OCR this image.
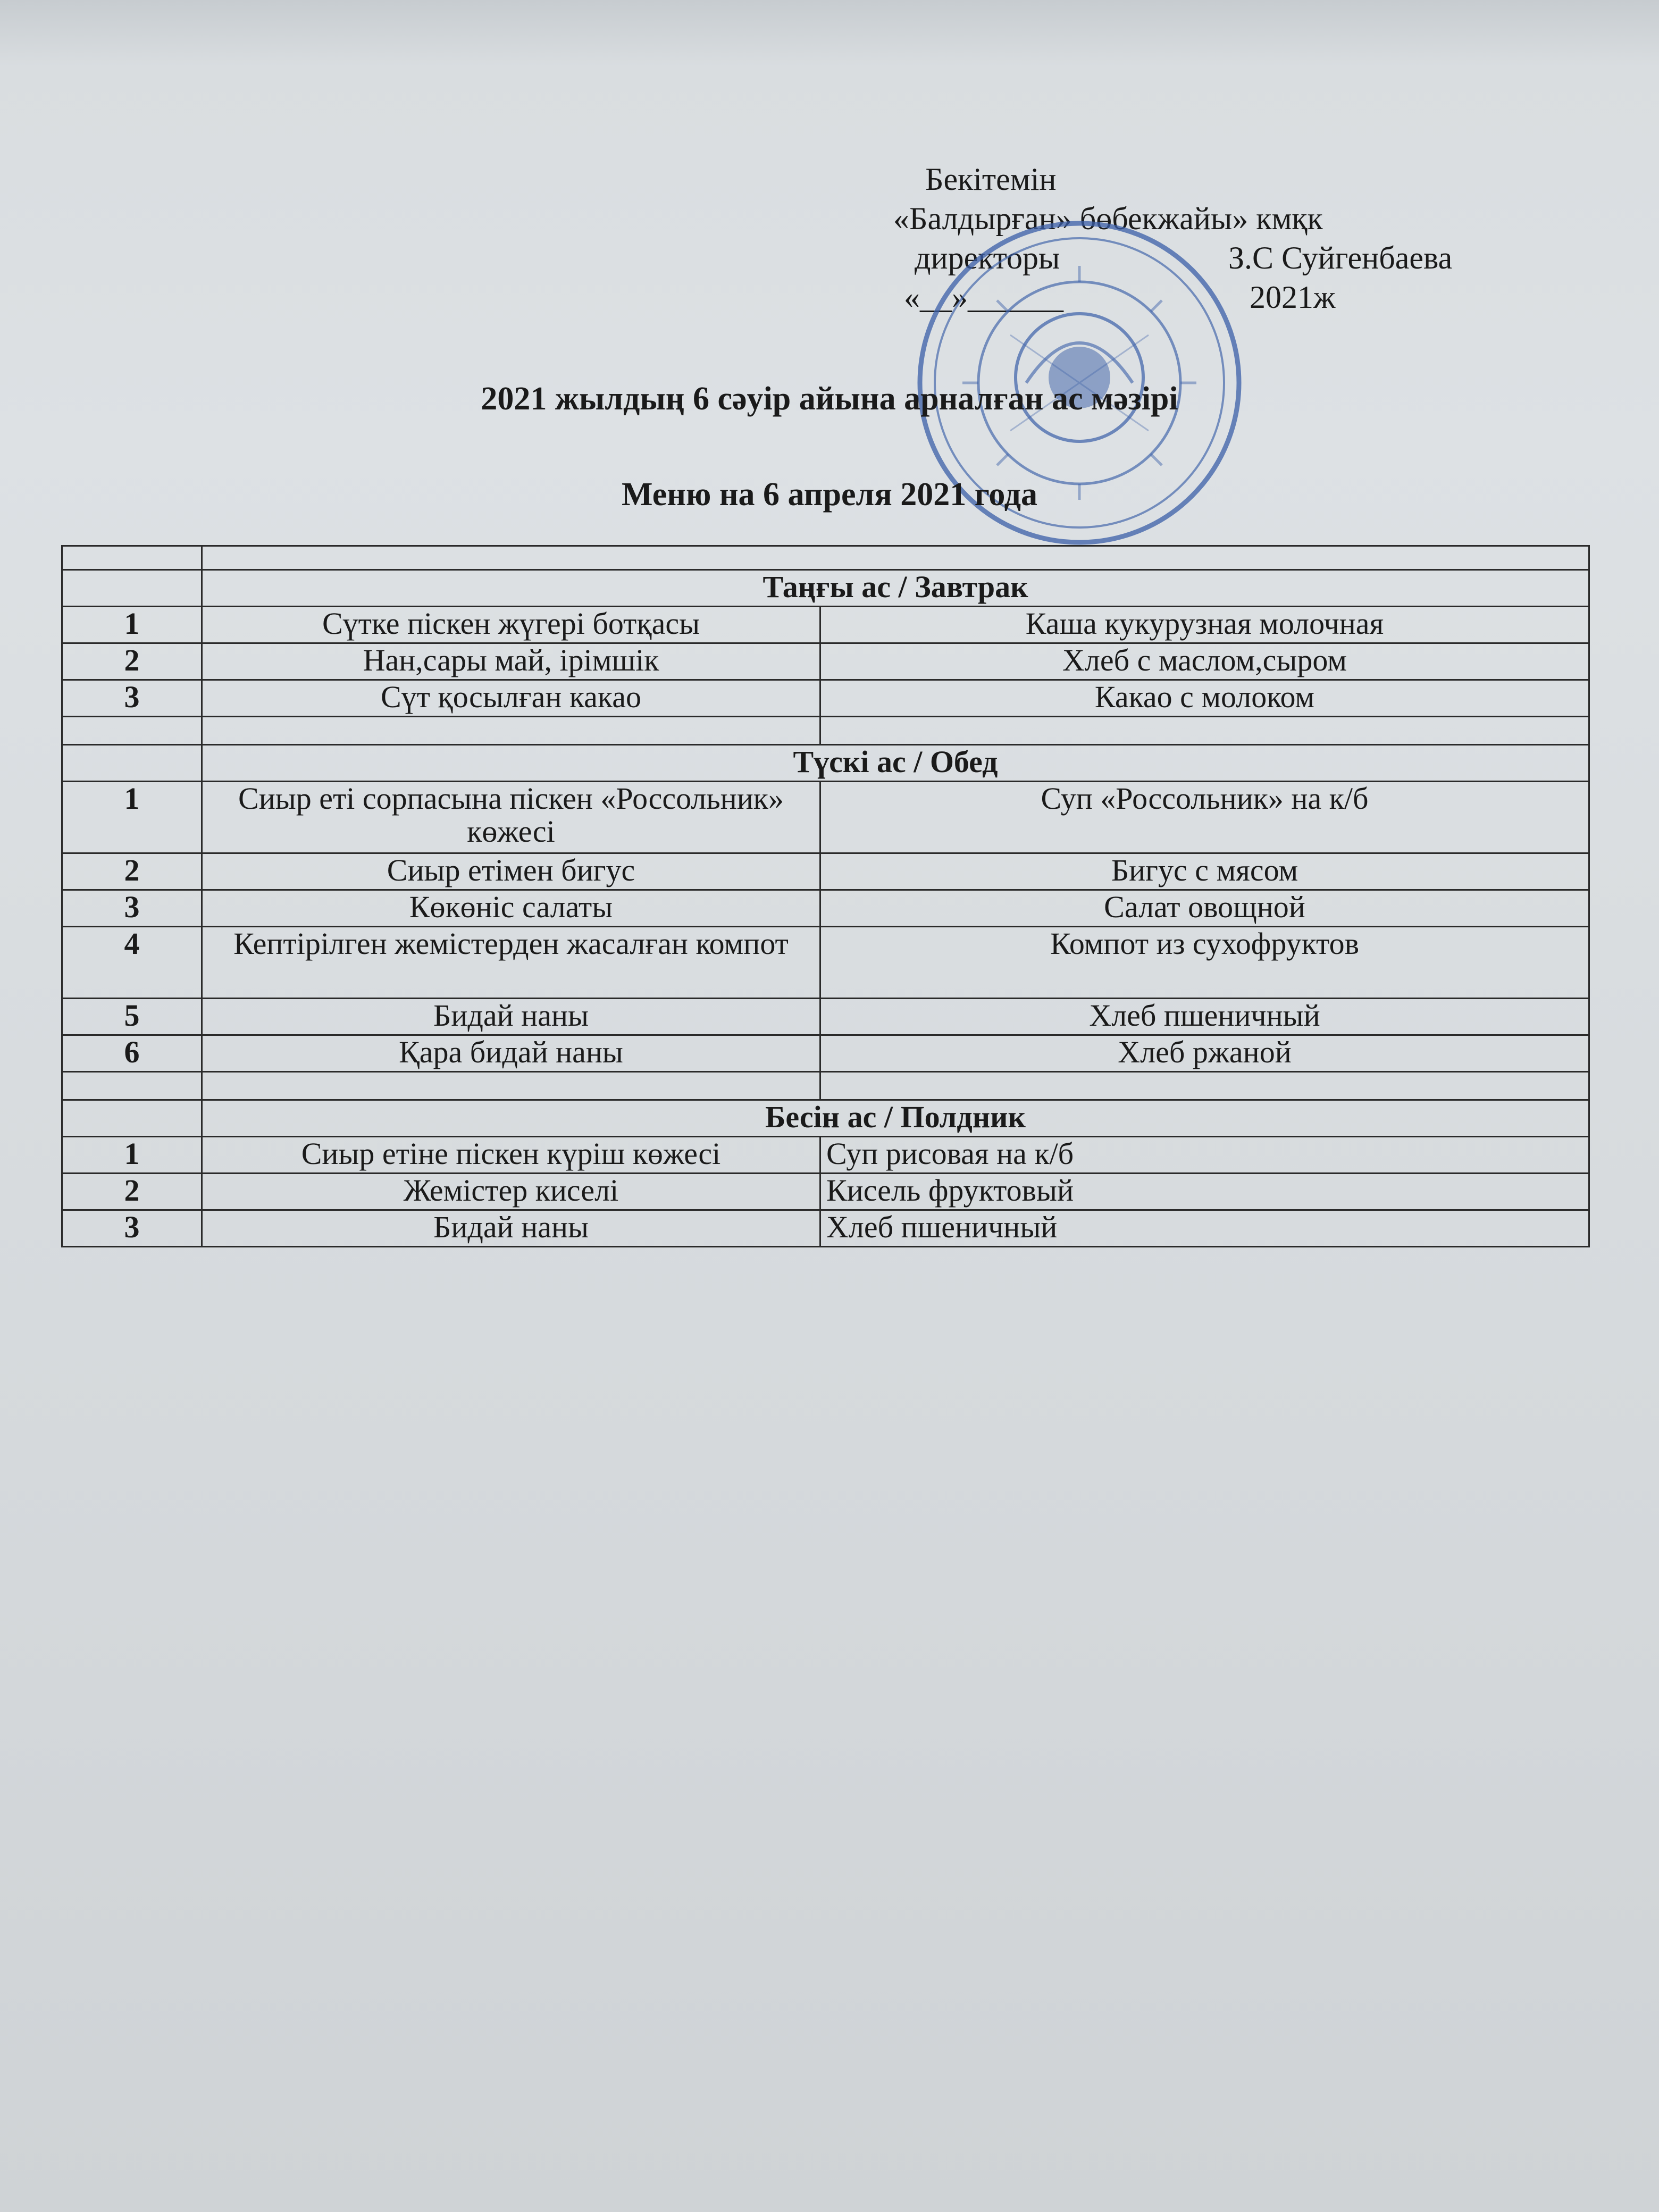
Бекітемін
«Балдырған» бөбекжайы» кмқк
директоры	З.С Суйгенбаева
«__»______	2021ж
2021 жылдың 6 сәуір айына арналған ас мәзірі
Меню на 6 апреля 2021 года

	Таңғы ас / Завтрак	
1	Сүтке піскен жүгері ботқасы	Каша кукурузная молочная
2	Нан,сары май, ірімшік	Хлеб с маслом,сыром
3	Сүт қосылған какао	Какао с молоком

	Түскі ас / Обед	
1	Сиыр еті сорпасына піскен «Россольник» көжесі	Суп «Россольник» на к/б
2	Сиыр етімен бигус	Бигус с мясом
3	Көкөніс салаты	Салат овощной
4	Кептірілген жемістерден жасалған компот	Компот из сухофруктов
5	Бидай наны	Хлеб пшеничный
6	Қара бидай наны	Хлеб ржаной

	Бесін ас / Полдник	
1	Сиыр етіне піскен күріш көжесі	Суп рисовая на к/б
2	Жемістер киселі	Кисель фруктовый
3	Бидай наны	Хлеб пшеничный
